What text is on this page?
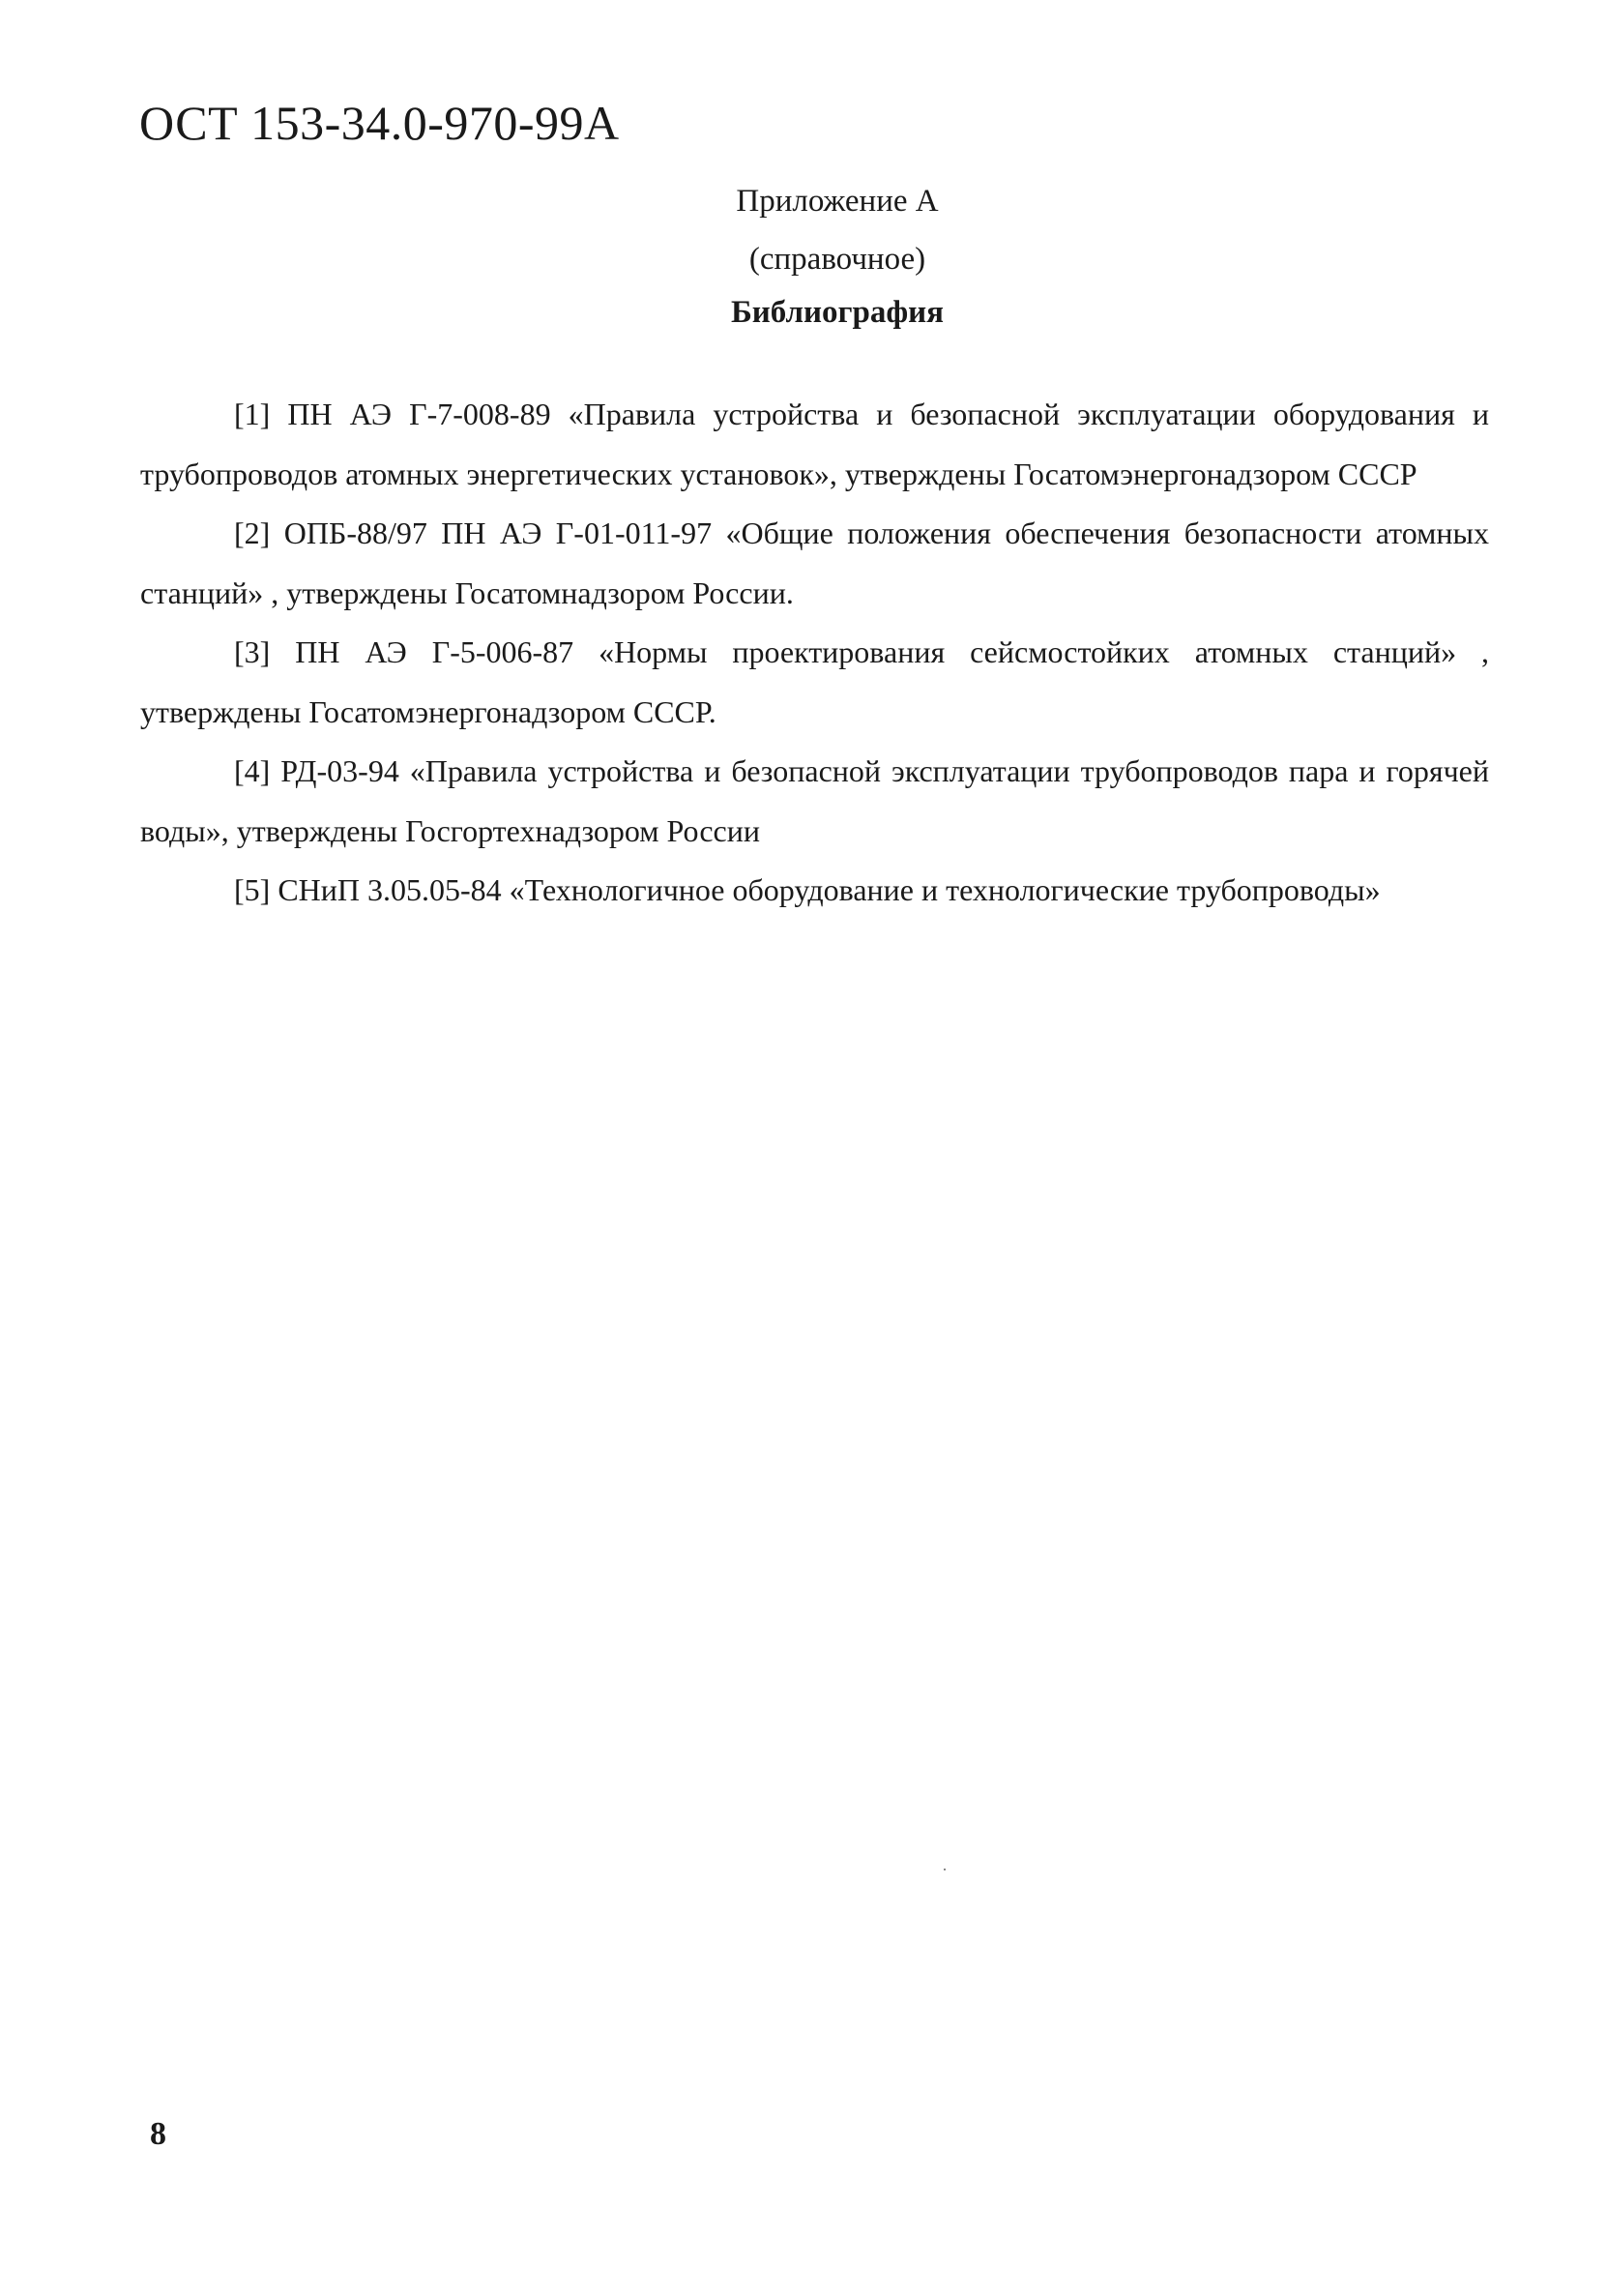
ОСТ 153-34.0-970-99А
Приложение А
(справочное)
Библиография

[1] ПН АЭ Г-7-008-89 «Правила устройства и безопасной эксплуатации оборудования и трубопроводов атомных энергетических установок», утверждены Госатомэнергонадзором СССР

[2] ОПБ-88/97 ПН АЭ Г-01-011-97 «Общие положения обеспечения безопасности атомных станций» , утверждены Госатомнадзором России.

[3] ПН АЭ Г-5-006-87 «Нормы проектирования сейсмостойких атомных станций» , утверждены Госатомэнергонадзором СССР.

[4] РД-03-94 «Правила устройства и безопасной эксплуатации трубопроводов пара и горячей воды», утверждены Госгортехнадзором России

[5] СНиП 3.05.05-84 «Технологичное оборудование и технологические трубопроводы»

8
